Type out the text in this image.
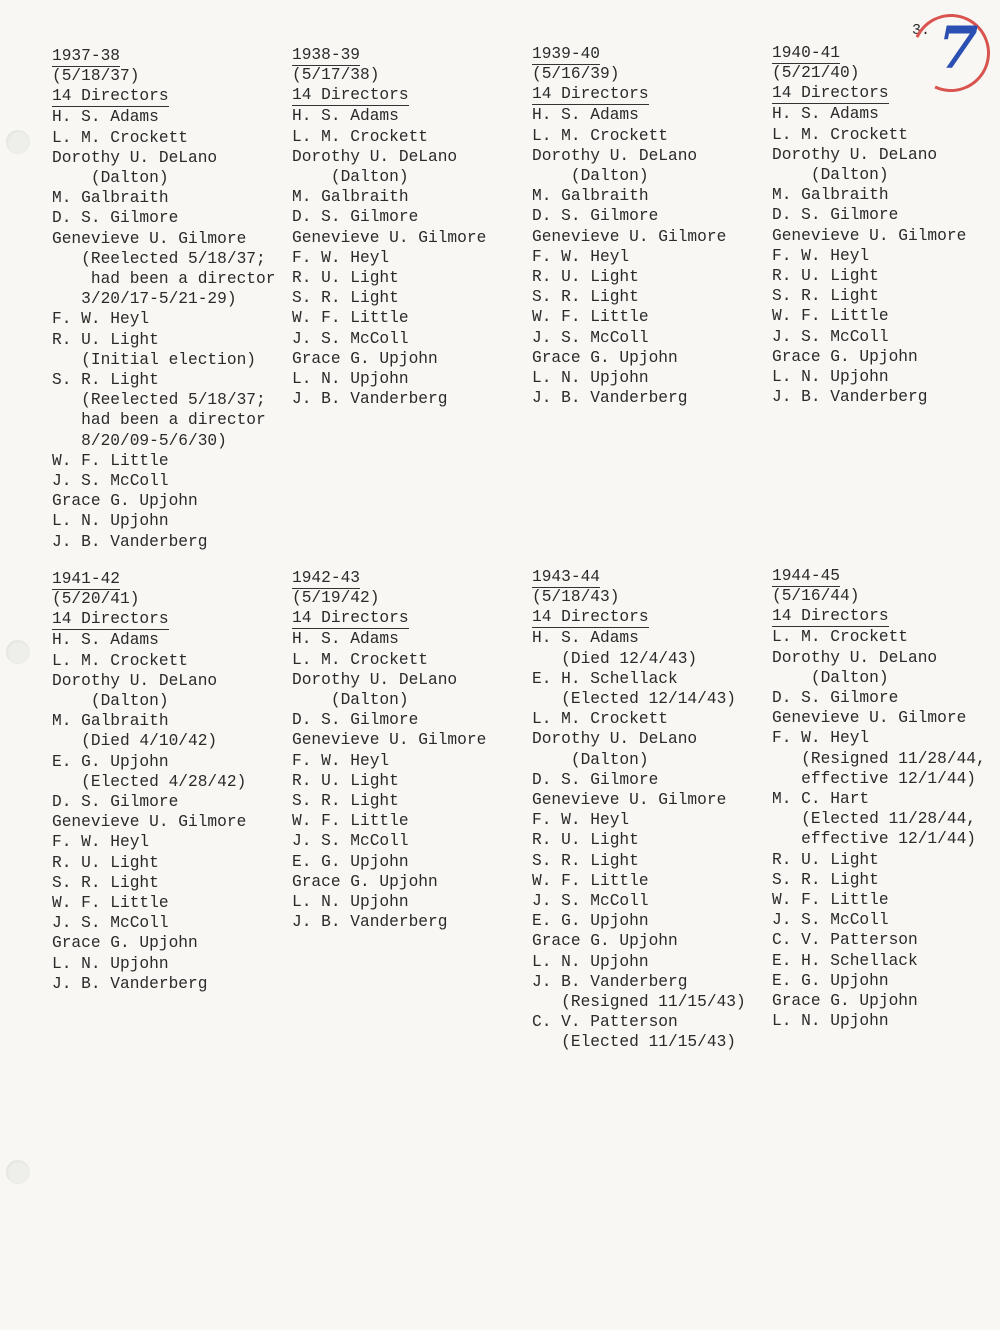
3. 7
1937-38

(5/18/37)
14 Directors

H. S. Adams
L. M. Crockett
Dorothy U. DeLano
(Dalton)
M. Galbraith
D. S. Gilmore
Genevieve U. Gilmore
(Reelected 5/18/37;
had been a director
3/20/17-5/21-29)
F. W. Heyl
R. U. Light
(Initial election)
S. R. Light
(Reelected 5/18/37;
had been a director
8/20/09-5/6/30)
W. F. Little
J. S. McColl
Grace G. Upjohn
L. N. Upjohn
J. B. Vanderberg
1938-39

(5/17/38)
14 Directors

H. S. Adams
L. M. Crockett
Dorothy U. DeLano
(Dalton)
M. Galbraith
D. S. Gilmore
Genevieve U. Gilmore
F. W. Heyl
R. U. Light
S. R. Light
W. F. Little
J. S. McColl
Grace G. Upjohn
L. N. Upjohn
J. B. Vanderberg
1939-40

(5/16/39)
14 Directors

H. S. Adams
L. M. Crockett
Dorothy U. DeLano
(Dalton)
M. Galbraith
D. S. Gilmore
Genevieve U. Gilmore
F. W. Heyl
R. U. Light
S. R. Light
W. F. Little
J. S. McColl
Grace G. Upjohn
L. N. Upjohn
J. B. Vanderberg
1940-41

(5/21/40)
14 Directors

H. S. Adams
L. M. Crockett
Dorothy U. DeLano
(Dalton)
M. Galbraith
D. S. Gilmore
Genevieve U. Gilmore
F. W. Heyl
R. U. Light
S. R. Light
W. F. Little
J. S. McColl
Grace G. Upjohn
L. N. Upjohn
J. B. Vanderberg
1941-42

(5/20/41)
14 Directors

H. S. Adams
L. M. Crockett
Dorothy U. DeLano
(Dalton)
M. Galbraith
(Died 4/10/42)
E. G. Upjohn
(Elected 4/28/42)
D. S. Gilmore
Genevieve U. Gilmore
F. W. Heyl
R. U. Light
S. R. Light
W. F. Little
J. S. McColl
Grace G. Upjohn
L. N. Upjohn
J. B. Vanderberg
1942-43

(5/19/42)
14 Directors

H. S. Adams
L. M. Crockett
Dorothy U. DeLano
(Dalton)
D. S. Gilmore
Genevieve U. Gilmore
F. W. Heyl
R. U. Light
S. R. Light
W. F. Little
J. S. McColl
E. G. Upjohn
Grace G. Upjohn
L. N. Upjohn
J. B. Vanderberg
1943-44

(5/18/43)
14 Directors

H. S. Adams
(Died 12/4/43)
E. H. Schellack
(Elected 12/14/43)
L. M. Crockett
Dorothy U. DeLano
(Dalton)
D. S. Gilmore
Genevieve U. Gilmore
F. W. Heyl
R. U. Light
S. R. Light
W. F. Little
J. S. McColl
E. G. Upjohn
Grace G. Upjohn
L. N. Upjohn
J. B. Vanderberg
(Resigned 11/15/43)
C. V. Patterson
(Elected 11/15/43)
1944-45

(5/16/44)
14 Directors

L. M. Crockett
Dorothy U. DeLano
(Dalton)
D. S. Gilmore
Genevieve U. Gilmore
F. W. Heyl
(Resigned 11/28/44,
effective 12/1/44)
M. C. Hart
(Elected 11/28/44,
effective 12/1/44)
R. U. Light
S. R. Light
W. F. Little
J. S. McColl
C. V. Patterson
E. H. Schellack
E. G. Upjohn
Grace G. Upjohn
L. N. Upjohn
